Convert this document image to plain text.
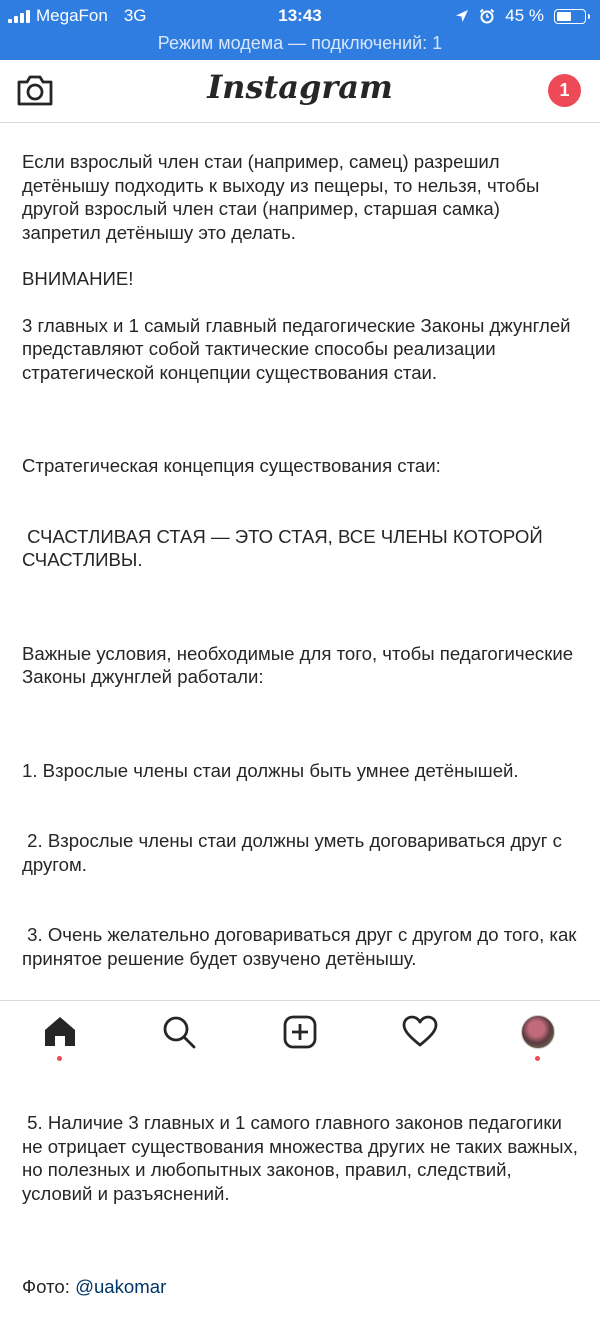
MegaFon 3G	13:43	45 %
Режим модема — подключений: 1
Instagram	1

Если взрослый член стаи (например, самец) разрешил детёнышу подходить к выходу из пещеры, то нельзя, чтобы другой взрослый член стаи (например, старшая самка) запретил детёнышу это делать.

ВНИМАНИЕ!

3 главных и 1 самый главный педагогические Законы джунглей представляют собой тактические способы реализации стратегической концепции существования стаи.

Стратегическая концепция существования стаи:

СЧАСТЛИВАЯ СТАЯ — ЭТО СТАЯ, ВСЕ ЧЛЕНЫ КОТОРОЙ СЧАСТЛИВЫ.

Важные условия, необходимые для того, чтобы педагогические Законы джунглей работали:

1. Взрослые члены стаи должны быть умнее детёнышей.

2. Взрослые члены стаи должны уметь договариваться друг с другом.

3. Очень желательно договариваться друг с другом до того, как принятое решение будет озвучено детёнышу.

5. Наличие 3 главных и 1 самого главного законов педагогики не отрицает существования множества других не таких важных, но полезных и любопытных законов, правил, следствий, условий и разъяснений.

Фото: @uakomar
